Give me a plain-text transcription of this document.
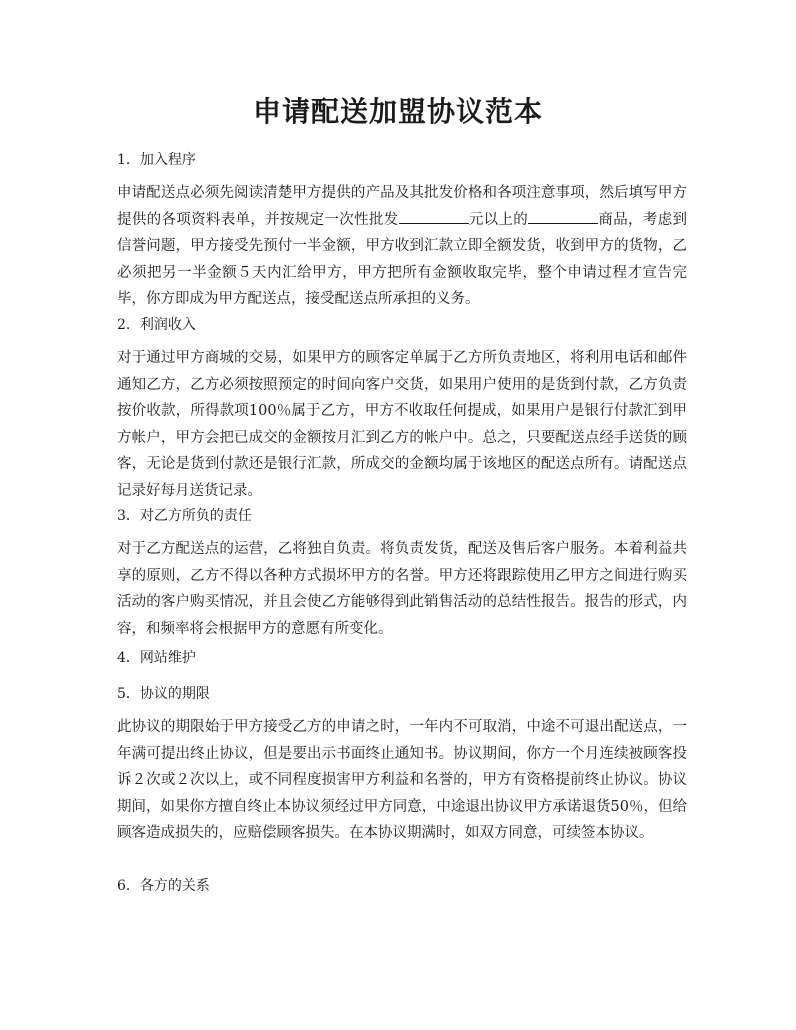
申请配送加盟协议范本
1．加入程序
申请配送点必须先阅读清楚甲方提供的产品及其批发价格和各项注意事项，然后填写甲方提供的各项资料表单，并按规定一次性批发	元以上的	商品，考虑到信誉问题，甲方接受先预付一半金额，甲方收到汇款立即全额发货，收到甲方的货物，乙必须把另一半金额５天内汇给甲方，甲方把所有金额收取完毕，整个申请过程才宣告完毕，你方即成为甲方配送点，接受配送点所承担的义务。
2．利润收入
对于通过甲方商城的交易，如果甲方的顾客定单属于乙方所负责地区，将利用电话和邮件通知乙方，乙方必须按照预定的时间向客户交货，如果用户使用的是货到付款，乙方负责按价收款，所得款项100％属于乙方，甲方不收取任何提成，如果用户是银行付款汇到甲方帐户，甲方会把已成交的金额按月汇到乙方的帐户中。总之，只要配送点经手送货的顾客，无论是货到付款还是银行汇款，所成交的金额均属于该地区的配送点所有。请配送点记录好每月送货记录。
3．对乙方所负的责任
对于乙方配送点的运营，乙将独自负责。将负责发货，配送及售后客户服务。本着利益共享的原则，乙方不得以各种方式损坏甲方的名誉。甲方还将跟踪使用乙甲方之间进行购买活动的客户购买情况，并且会使乙方能够得到此销售活动的总结性报告。报告的形式，内容，和频率将会根据甲方的意愿有所变化。
4．网站维护
5．协议的期限
此协议的期限始于甲方接受乙方的申请之时，一年内不可取消，中途不可退出配送点，一年满可提出终止协议，但是要出示书面终止通知书。协议期间，你方一个月连续被顾客投诉２次或２次以上，或不同程度损害甲方利益和名誉的，甲方有资格提前终止协议。协议期间，如果你方擅自终止本协议须经过甲方同意，中途退出协议甲方承诺退货50％，但给顾客造成损失的，应赔偿顾客损失。在本协议期满时，如双方同意，可续签本协议。
6．各方的关系
